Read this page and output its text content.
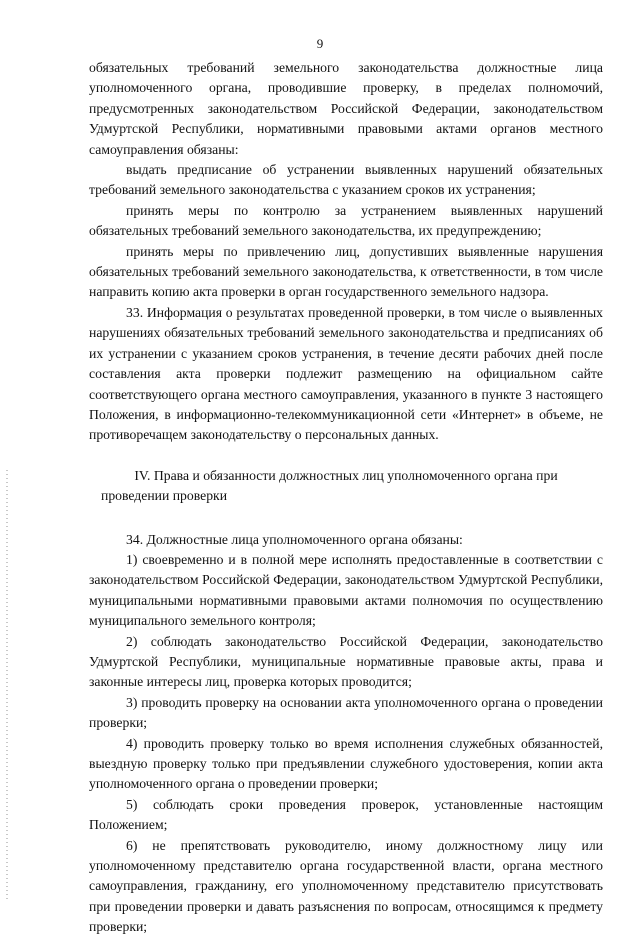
9

обязательных требований земельного законодательства должностные лица уполномоченного органа, проводившие проверку, в пределах полномочий, предусмотренных законодательством Российской Федерации, законодательством Удмуртской Республики, нормативными правовыми актами органов местного самоуправления обязаны:

выдать предписание об устранении выявленных нарушений обязательных требований земельного законодательства с указанием сроков их устранения;

принять меры по контролю за устранением выявленных нарушений обязательных требований земельного законодательства, их предупреждению;

принять меры по привлечению лиц, допустивших выявленные нарушения обязательных требований земельного законодательства, к ответственности, в том числе направить копию акта проверки в орган государственного земельного надзора.

33. Информация о результатах проведенной проверки, в том числе о выявленных нарушениях обязательных требований земельного законодательства и предписаниях об их устранении с указанием сроков устранения, в течение десяти рабочих дней после составления акта проверки подлежит размещению на официальном сайте соответствующего органа местного самоуправления, указанного в пункте 3 настоящего Положения, в информационно-телекоммуникационной сети «Интернет» в объеме, не противоречащем законодательству о персональных данных.

IV. Права и обязанности должностных лиц уполномоченного органа при проведении проверки

34. Должностные лица уполномоченного органа обязаны:

1) своевременно и в полной мере исполнять предоставленные в соответствии с законодательством Российской Федерации, законодательством Удмуртской Республики, муниципальными нормативными правовыми актами полномочия по осуществлению муниципального земельного контроля;

2) соблюдать законодательство Российской Федерации, законодательство Удмуртской Республики, муниципальные нормативные правовые акты, права и законные интересы лиц, проверка которых проводится;

3) проводить проверку на основании акта уполномоченного органа о проведении проверки;

4) проводить проверку только во время исполнения служебных обязанностей, выездную проверку только при предъявлении служебного удостоверения, копии акта уполномоченного органа о проведении проверки;

5) соблюдать сроки проведения проверок, установленные настоящим Положением;

6) не препятствовать руководителю, иному должностному лицу или уполномоченному представителю органа государственной власти, органа местного самоуправления, гражданину, его уполномоченному представителю присутствовать при проведении проверки и давать разъяснения по вопросам, относящимся к предмету проверки;
